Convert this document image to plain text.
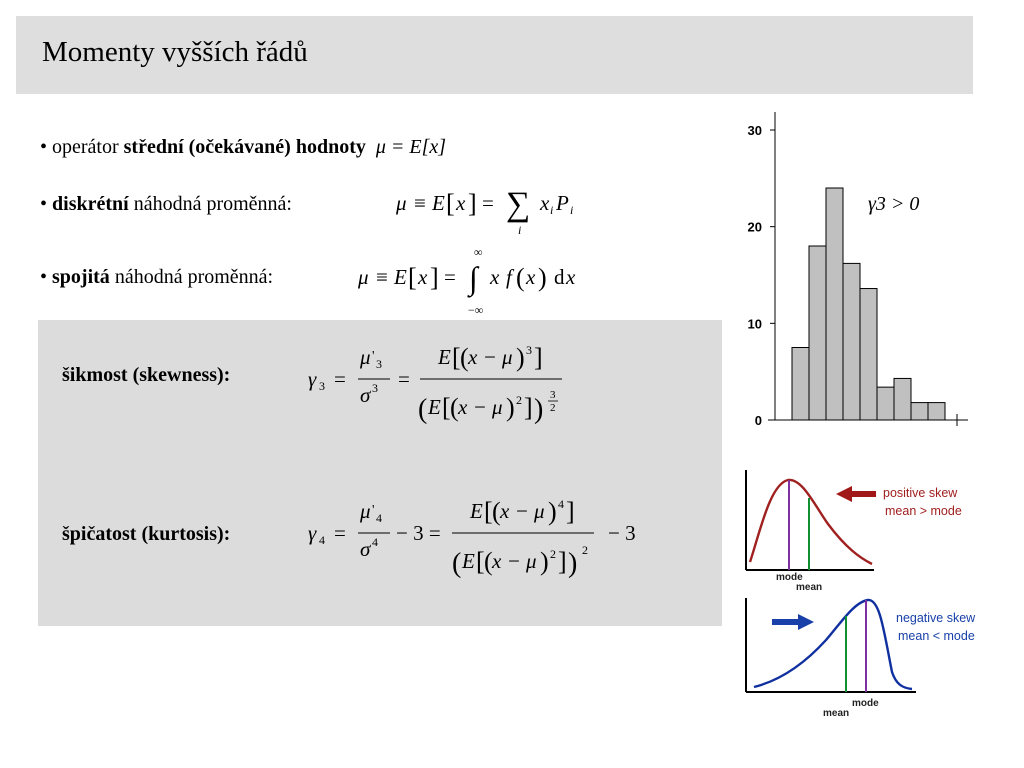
Momenty vyšších řádů
• operátor střední (očekávané) hodnoty  μ = E[x]
• diskrétní náhodná proměnná:	μ ≡ E [ x ] = ∑
i
x i P i
• spojitá náhodná proměnná:	μ ≡ E [ x ] =
∞
∫
−∞
x f ( x ) d x
šikmost (skewness):	γ 3 =
μ ' 3
σ 3 =
E [ ( x − μ ) 3 ]
( E [ ( x − μ ) 2 ] ) 3
2
špičatost (kurtosis):	γ 4 =
μ ' 4
σ 4 − 3 =
E [ ( x − μ ) 4 ]
( E [ ( x − μ ) 2 ] ) 2
− 3
0
10
20
30
γ3 > 0
mode
mean
positive skew
mean > mode
mode
mean
negative skew
mean < mode
